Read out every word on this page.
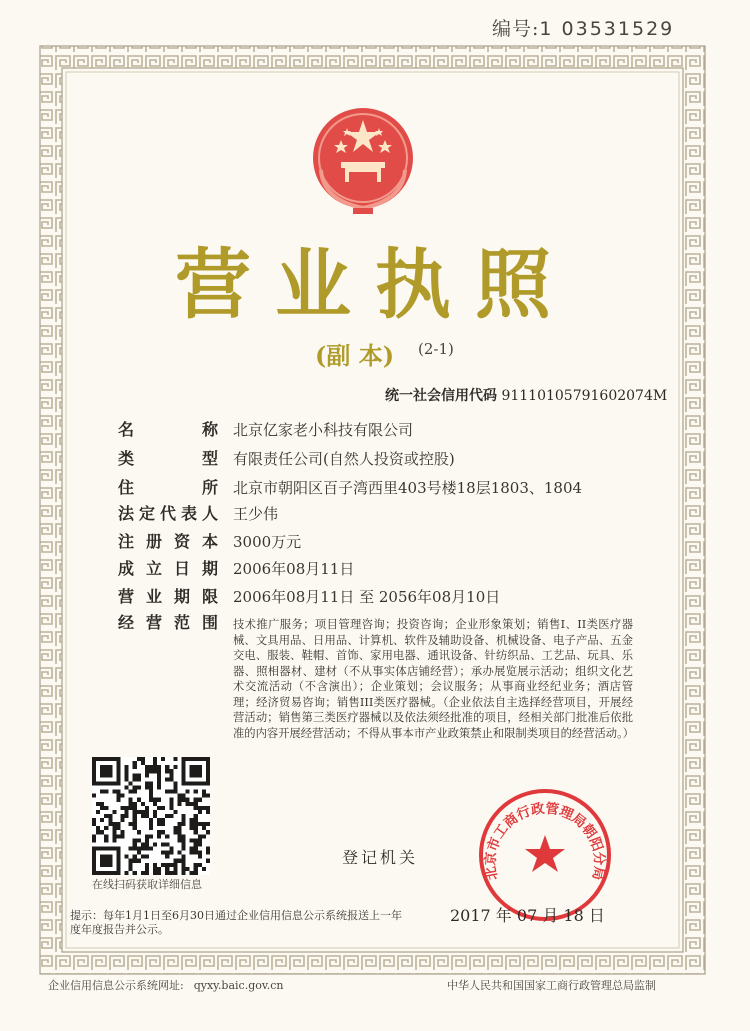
编号:1 03531529
营业执照
(副 本) (2-1)
统一社会信用代码 91110105791602074M
名称 北京亿家老小科技有限公司
类型 有限责任公司(自然人投资或控股)
住所 北京市朝阳区百子湾西里403号楼18层1803、1804
法定代表人 王少伟
注册资本 3000万元
成立日期 2006年08月11日
营业期限 2006年08月11日 至 2056年08月10日
经营范围 技术推广服务；项目管理咨询；投资咨询；企业形象策划；销售I、II类医疗器械、文具用品、日用品、计算机、软件及辅助设备、机械设备、电子产品、五金交电、服装、鞋帽、首饰、家用电器、通讯设备、针纺织品、工艺品、玩具、乐器、照相器材、建材（不从事实体店铺经营）；承办展览展示活动；组织文化艺术交流活动（不含演出）；企业策划；会议服务；从事商业经纪业务；酒店管理；经济贸易咨询；销售III类医疗器械。（企业依法自主选择经营项目，开展经营活动；销售第三类医疗器械以及依法须经批准的项目，经相关部门批准后依批准的内容开展经营活动；不得从事本市产业政策禁止和限制类项目的经营活动。）
在线扫码获取详细信息
登记机关
北京市工商行政管理局朝阳分局
2017 年 07 月 18 日
提示：每年1月1日至6月30日通过企业信用信息公示系统报送上一年度年度报告并公示。
企业信用信息公示系统网址: qyxy.baic.gov.cn	中华人民共和国国家工商行政管理总局监制
